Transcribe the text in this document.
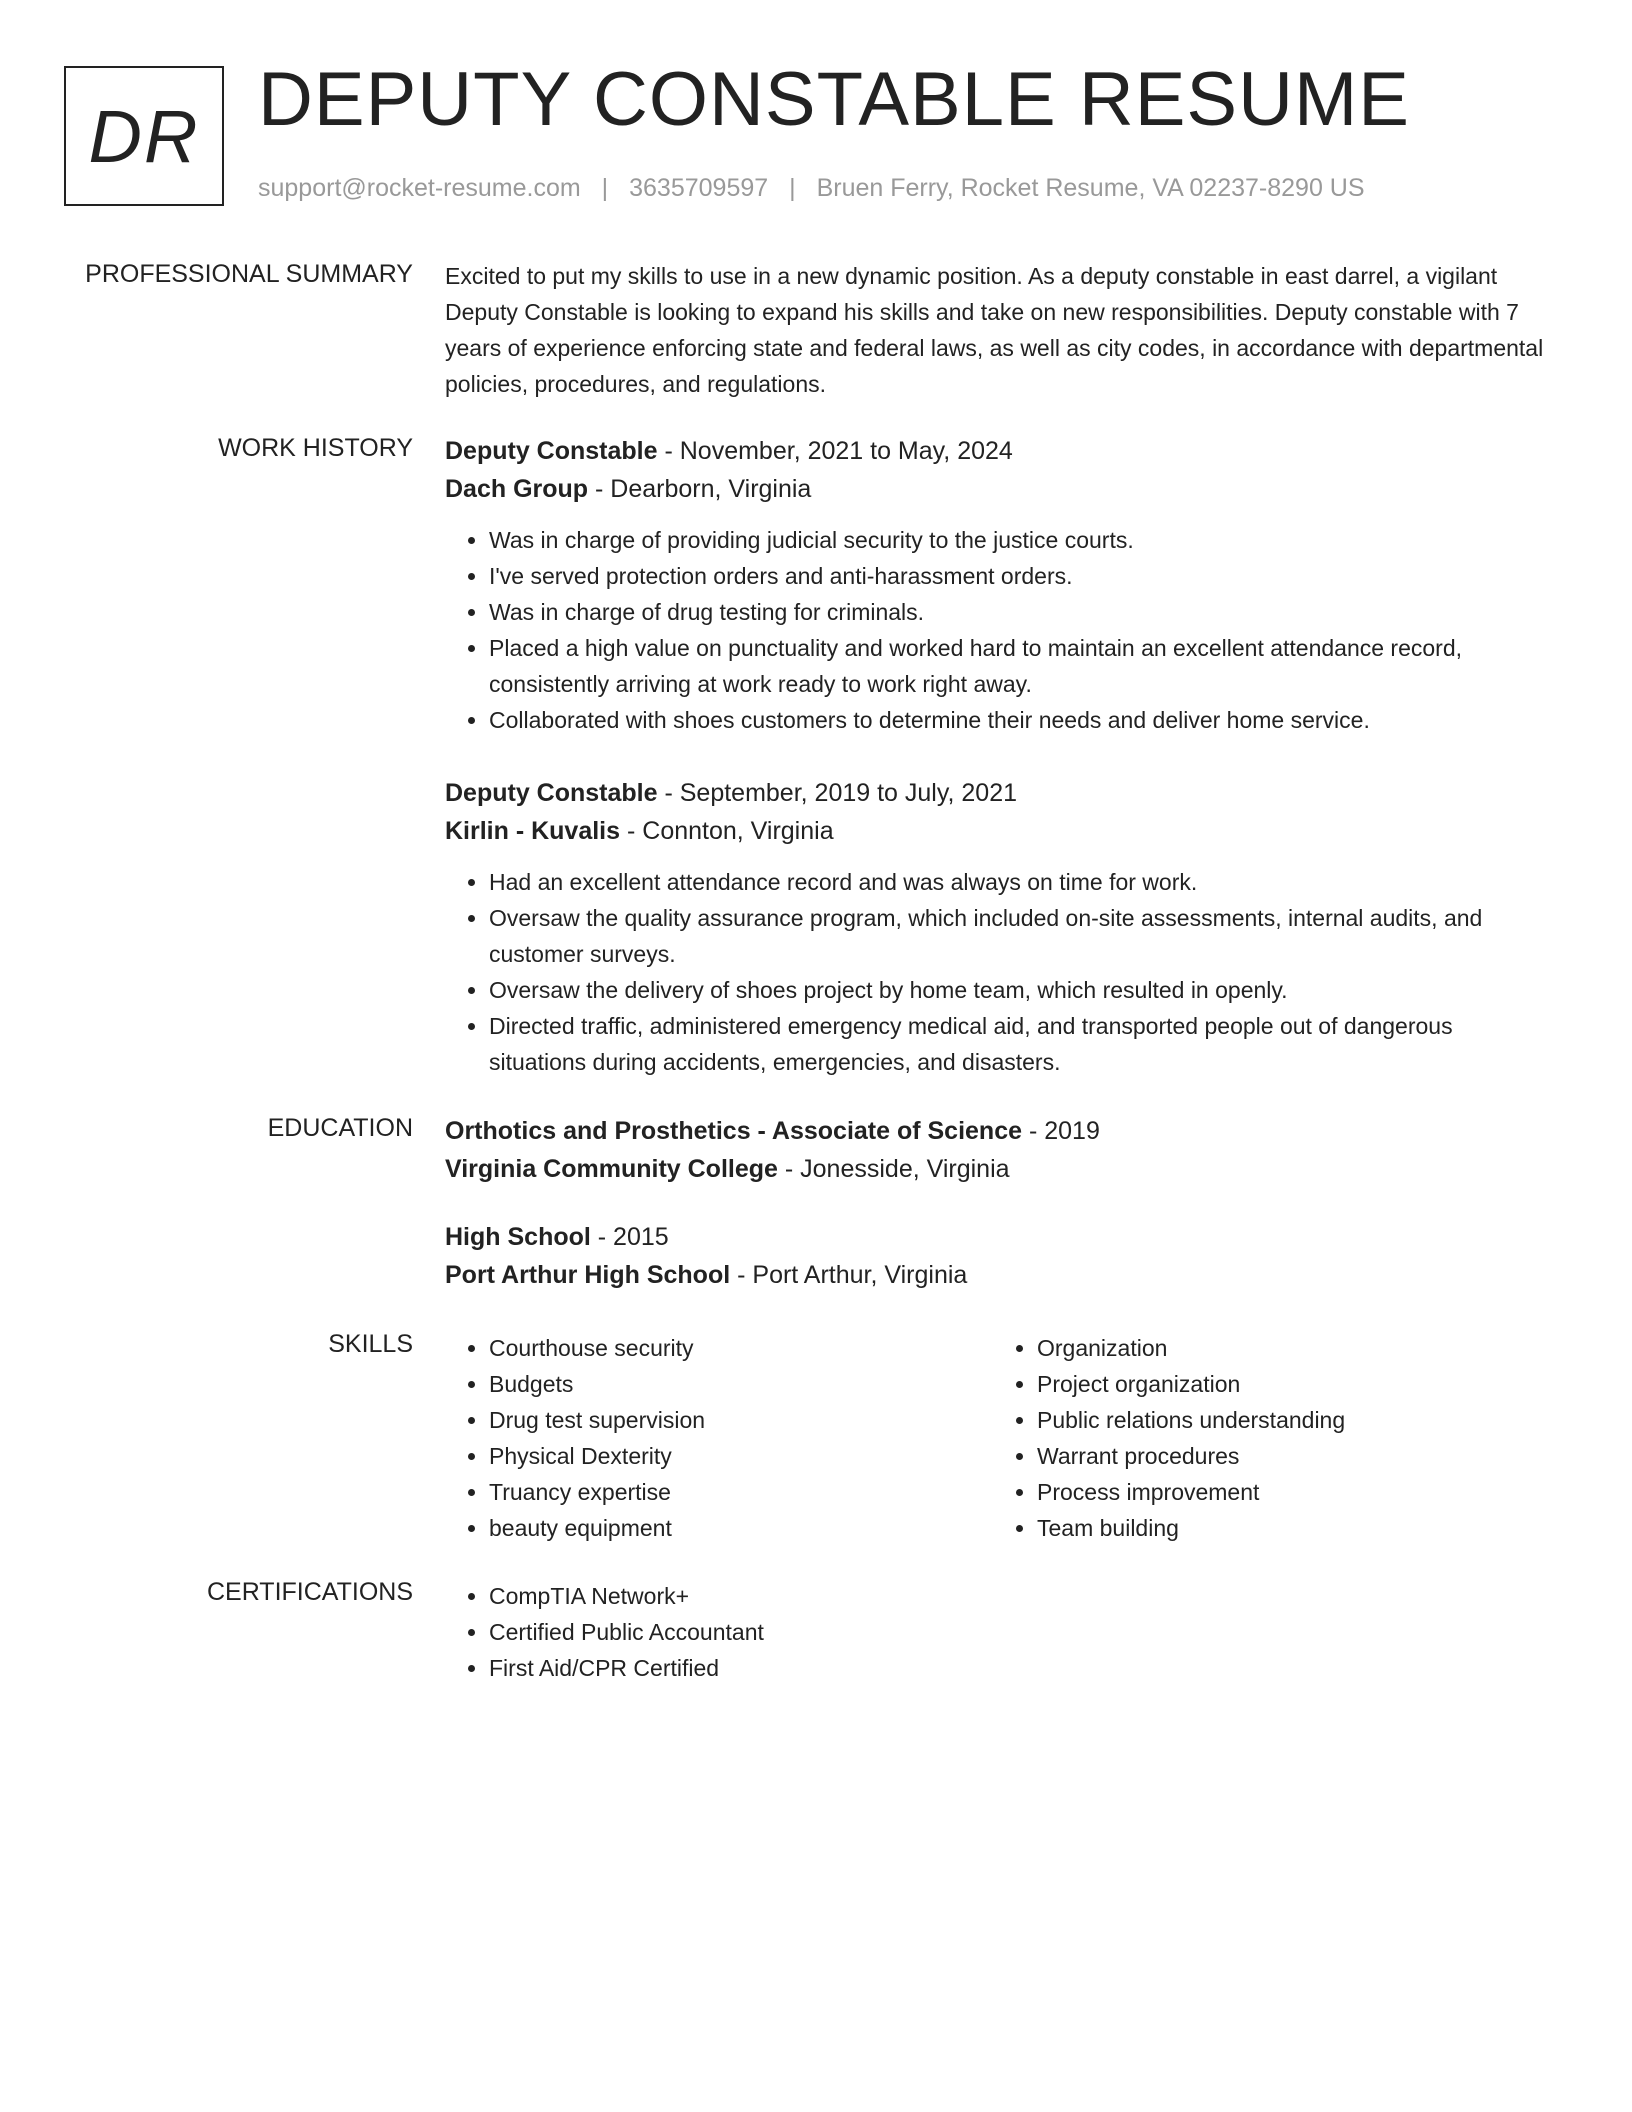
DR DEPUTY CONSTABLE RESUME
support@rocket-resume.com | 3635709597 | Bruen Ferry, Rocket Resume, VA 02237-8290 US
PROFESSIONAL SUMMARY Excited to put my skills to use in a new dynamic position. As a deputy constable in east darrel, a vigilant Deputy Constable is looking to expand his skills and take on new responsibilities. Deputy constable with 7 years of experience enforcing state and federal laws, as well as city codes, in accordance with departmental policies, procedures, and regulations.

WORK HISTORY Deputy Constable - November, 2021 to May, 2024
Dach Group - Dearborn, Virginia
• Was in charge of providing judicial security to the justice courts.
• I've served protection orders and anti-harassment orders.
• Was in charge of drug testing for criminals.
• Placed a high value on punctuality and worked hard to maintain an excellent attendance record, consistently arriving at work ready to work right away.
• Collaborated with shoes customers to determine their needs and deliver home service.
Deputy Constable - September, 2019 to July, 2021
Kirlin - Kuvalis - Connton, Virginia
• Had an excellent attendance record and was always on time for work.
• Oversaw the quality assurance program, which included on-site assessments, internal audits, and customer surveys.
• Oversaw the delivery of shoes project by home team, which resulted in openly.
• Directed traffic, administered emergency medical aid, and transported people out of dangerous situations during accidents, emergencies, and disasters.
EDUCATION Orthotics and Prosthetics - Associate of Science - 2019
Virginia Community College - Jonesside, Virginia
High School - 2015
Port Arthur High School - Port Arthur, Virginia
SKILLS	• Courthouse security
• Budgets
• Drug test supervision
• Physical Dexterity
• Truancy expertise
• beauty equipment
• Organization
• Project organization
• Public relations understanding
• Warrant procedures
• Process improvement
• Team building
CERTIFICATIONS	• CompTIA Network+
• Certified Public Accountant
• First Aid/CPR Certified
